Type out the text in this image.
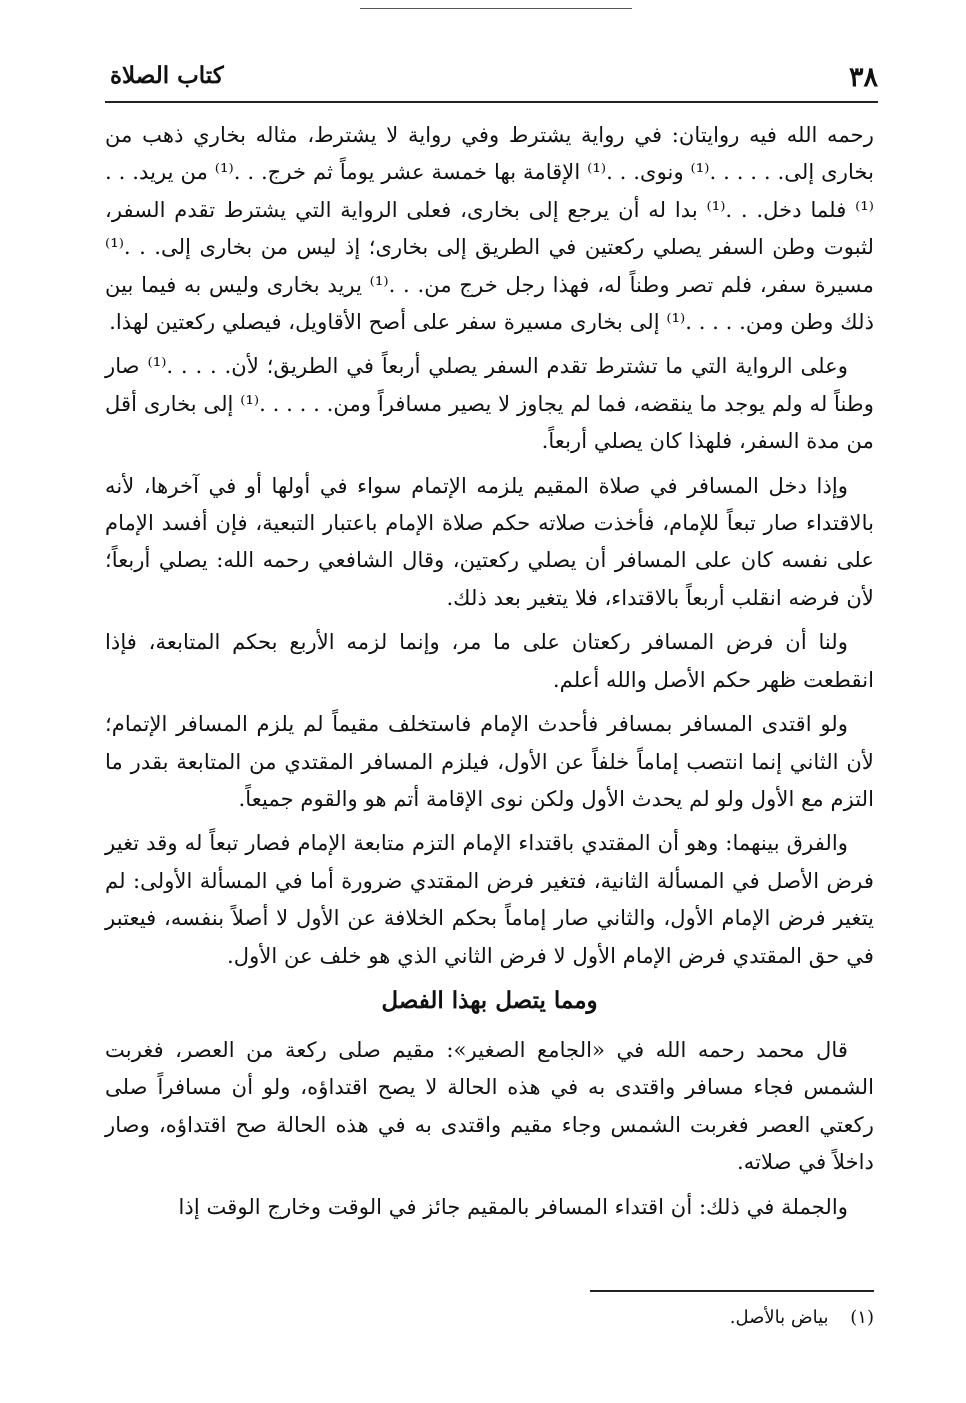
٣٨
كتاب الصلاة

رحمه الله فيه روايتان: في رواية يشترط وفي رواية لا يشترط، مثاله بخاري ذهب من بخارى إلى. . . . . .⁽¹⁾ ونوى. . .⁽¹⁾ الإقامة بها خمسة عشر يوماً ثم خرج. . .⁽¹⁾ من يريد. . .⁽¹⁾ فلما دخل. . .⁽¹⁾ بدا له أن يرجع إلى بخارى، فعلى الرواية التي يشترط تقدم السفر، لثبوت وطن السفر يصلي ركعتين في الطريق إلى بخارى؛ إذ ليس من بخارى إلى. . .⁽¹⁾ مسيرة سفر، فلم تصر وطناً له، فهذا رجل خرج من. . .⁽¹⁾ يريد بخارى وليس به فيما بين ذلك وطن ومن. . . . .⁽¹⁾ إلى بخارى مسيرة سفر على أصح الأقاويل، فيصلي ركعتين لهذا.

وعلى الرواية التي ما تشترط تقدم السفر يصلي أربعاً في الطريق؛ لأن. . . . .⁽¹⁾ صار وطناً له ولم يوجد ما ينقضه، فما لم يجاوز لا يصير مسافراً ومن. . . . . .⁽¹⁾ إلى بخارى أقل من مدة السفر، فلهذا كان يصلي أربعاً.

وإذا دخل المسافر في صلاة المقيم يلزمه الإتمام سواء في أولها أو في آخرها، لأنه بالاقتداء صار تبعاً للإمام، فأخذت صلاته حكم صلاة الإمام باعتبار التبعية، فإن أفسد الإمام على نفسه كان على المسافر أن يصلي ركعتين، وقال الشافعي رحمه الله: يصلي أربعاً؛ لأن فرضه انقلب أربعاً بالاقتداء، فلا يتغير بعد ذلك.

ولنا أن فرض المسافر ركعتان على ما مر، وإنما لزمه الأربع بحكم المتابعة، فإذا انقطعت ظهر حكم الأصل والله أعلم.

ولو اقتدى المسافر بمسافر فأحدث الإمام فاستخلف مقيماً لم يلزم المسافر الإتمام؛ لأن الثاني إنما انتصب إماماً خلفاً عن الأول، فيلزم المسافر المقتدي من المتابعة بقدر ما التزم مع الأول ولو لم يحدث الأول ولكن نوى الإقامة أتم هو والقوم جميعاً.

والفرق بينهما: وهو أن المقتدي باقتداء الإمام التزم متابعة الإمام فصار تبعاً له وقد تغير فرض الأصل في المسألة الثانية، فتغير فرض المقتدي ضرورة أما في المسألة الأولى: لم يتغير فرض الإمام الأول، والثاني صار إماماً بحكم الخلافة عن الأول لا أصلاً بنفسه، فيعتبر في حق المقتدي فرض الإمام الأول لا فرض الثاني الذي هو خلف عن الأول.

ومما يتصل بهذا الفصل

قال محمد رحمه الله في «الجامع الصغير»: مقيم صلى ركعة من العصر، فغربت الشمس فجاء مسافر واقتدى به في هذه الحالة لا يصح اقتداؤه، ولو أن مسافراً صلى ركعتي العصر فغربت الشمس وجاء مقيم واقتدى به في هذه الحالة صح اقتداؤه، وصار داخلاً في صلاته.

والجملة في ذلك: أن اقتداء المسافر بالمقيم جائز في الوقت وخارج الوقت إذا

(١) بياض بالأصل.
